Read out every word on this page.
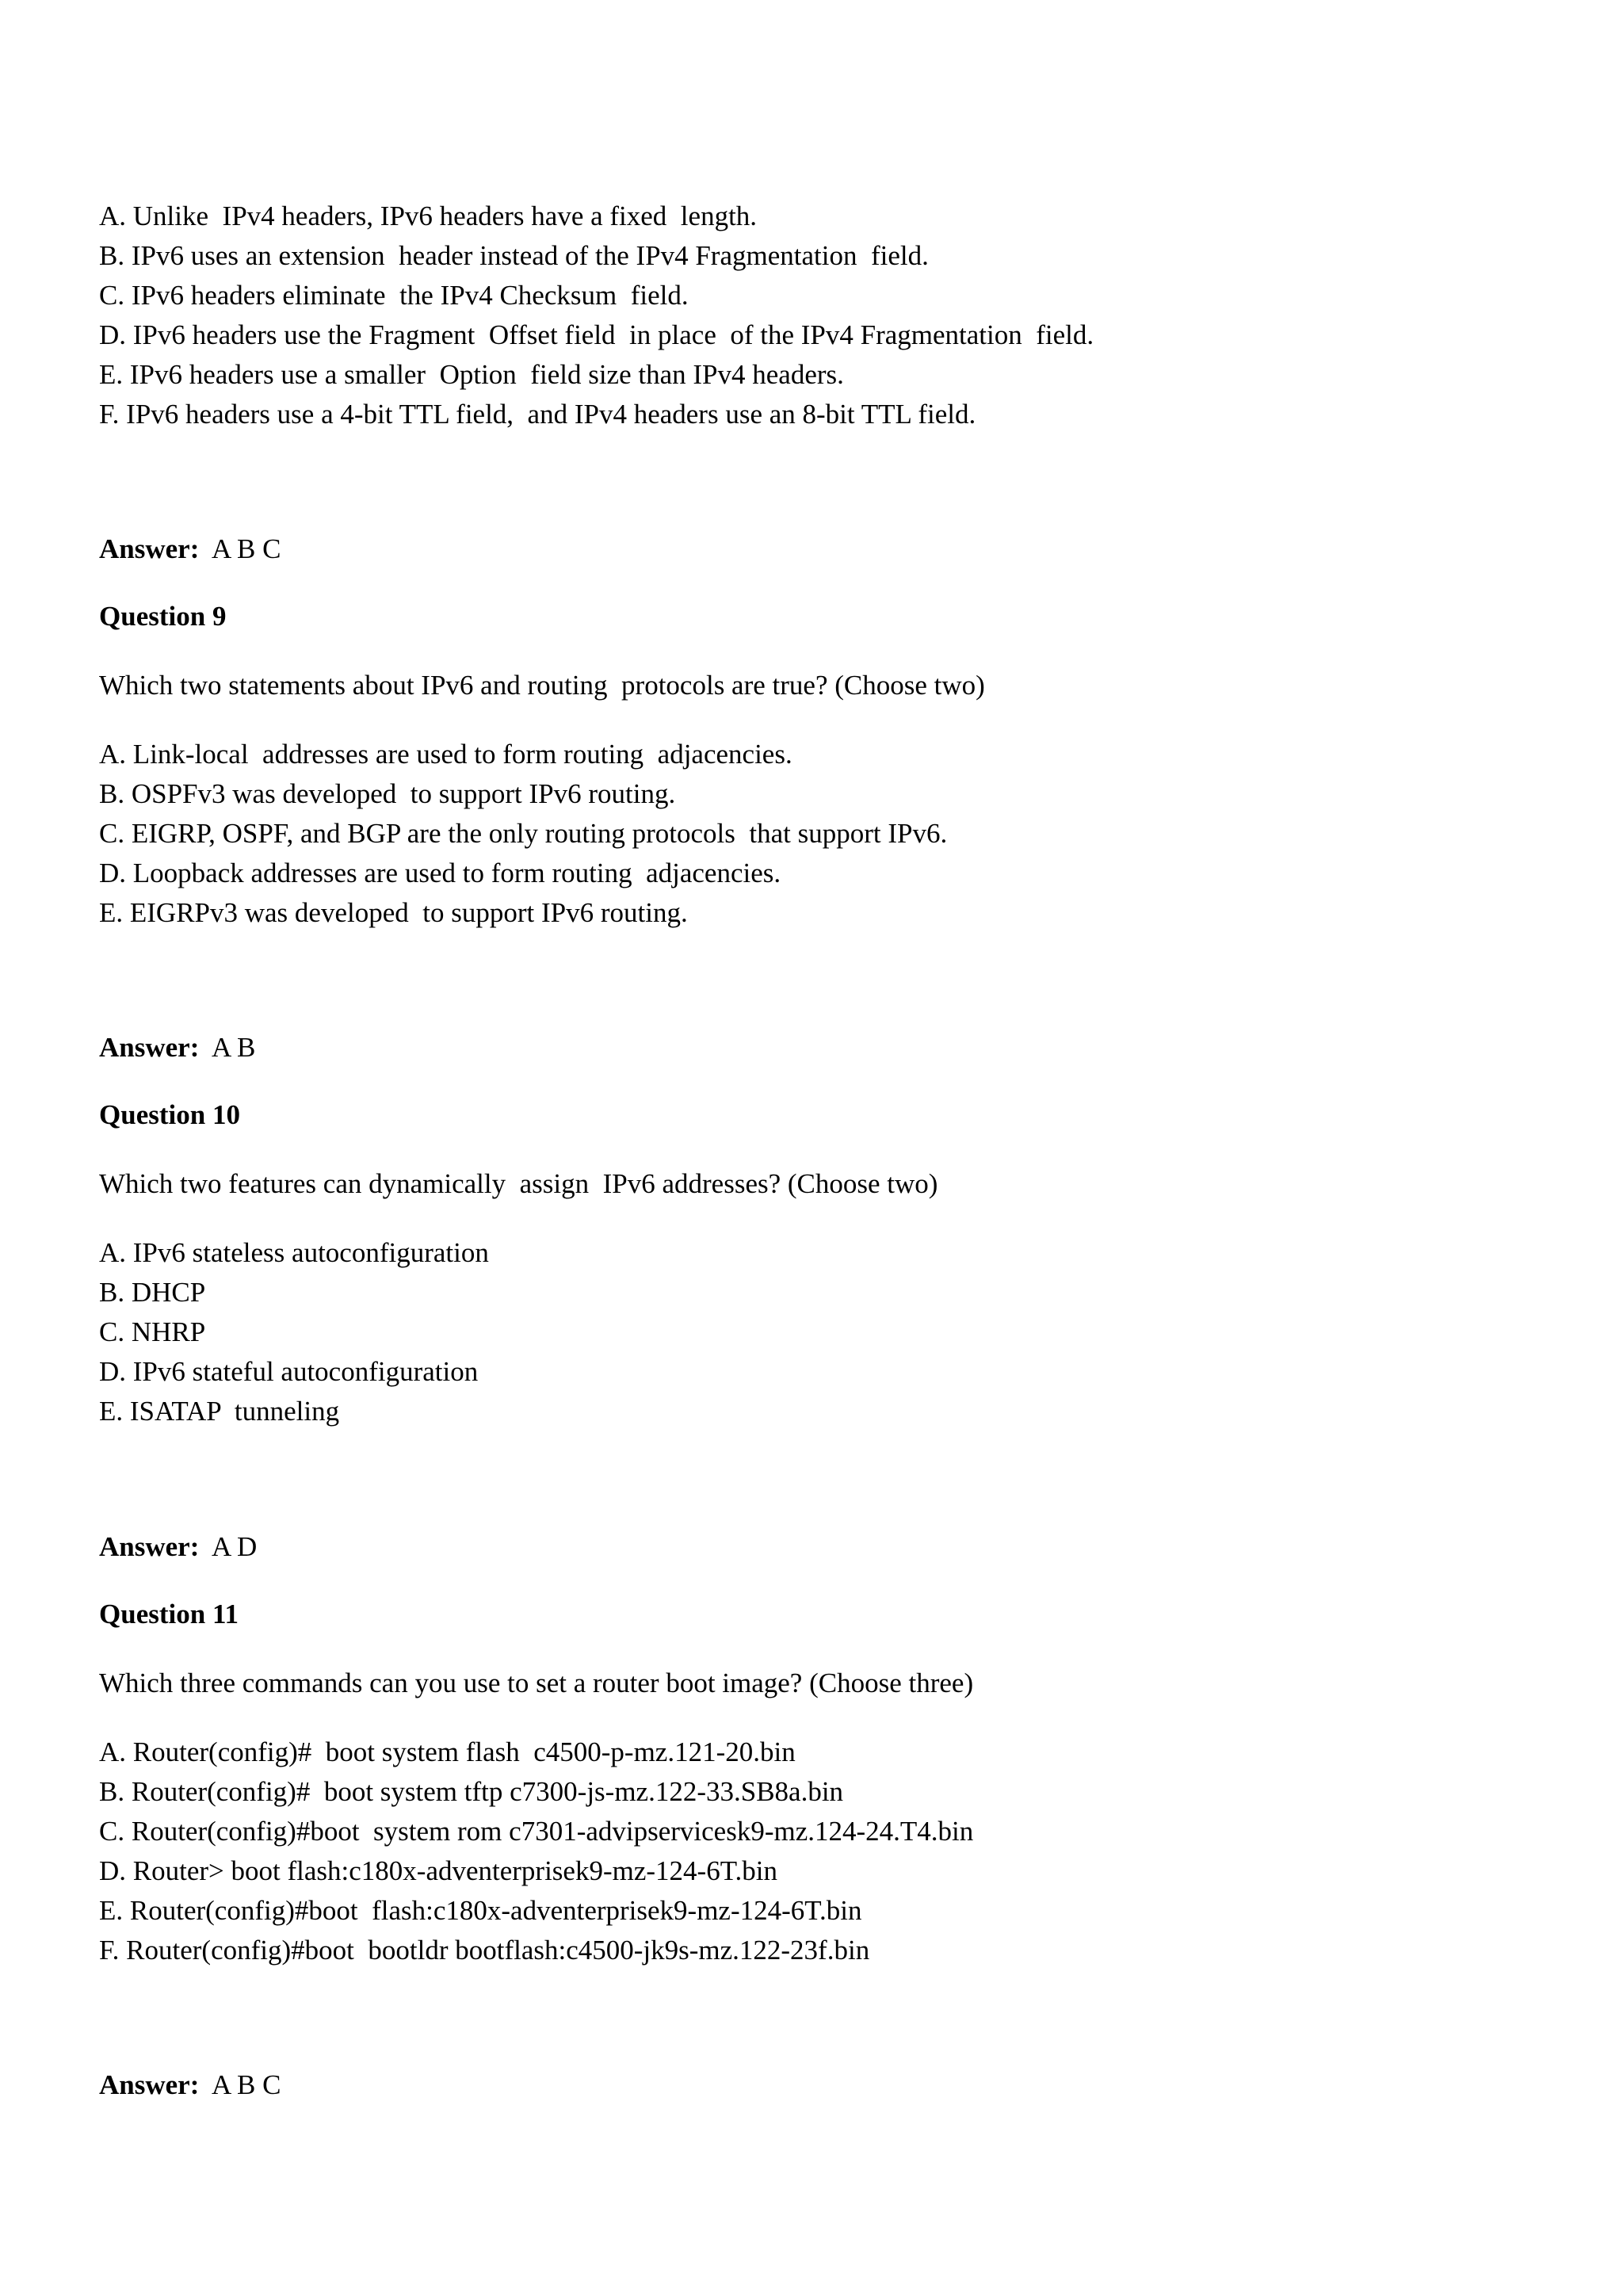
A. Unlike  IPv4 headers, IPv6 headers have a fixed  length.
B. IPv6 uses an extension  header instead of the IPv4 Fragmentation  field.
C. IPv6 headers eliminate  the IPv4 Checksum  field.
D. IPv6 headers use the Fragment  Offset field  in place  of the IPv4 Fragmentation  field.
E. IPv6 headers use a smaller  Option  field size than IPv4 headers.
F. IPv6 headers use a 4-bit TTL field,  and IPv4 headers use an 8-bit TTL field.
Answer: A B C
Question 9
Which two statements about IPv6 and routing  protocols are true? (Choose two)
A. Link-local  addresses are used to form routing  adjacencies.
B. OSPFv3 was developed  to support IPv6 routing.
C. EIGRP, OSPF, and BGP are the only routing protocols  that support IPv6.
D. Loopback addresses are used to form routing  adjacencies.
E. EIGRPv3 was developed  to support IPv6 routing.
Answer: A B
Question 10
Which two features can dynamically  assign  IPv6 addresses? (Choose two)
A. IPv6 stateless autoconfiguration
B. DHCP
C. NHRP
D. IPv6 stateful autoconfiguration
E. ISATAP  tunneling
Answer: A D
Question 11
Which three commands can you use to set a router boot image? (Choose three)
A. Router(config)#  boot system flash  c4500-p-mz.121-20.bin
B. Router(config)#  boot system tftp c7300-js-mz.122-33.SB8a.bin
C. Router(config)#boot  system rom c7301-advipservicesk9-mz.124-24.T4.bin
D. Router> boot flash:c180x-adventerprisek9-mz-124-6T.bin
E. Router(config)#boot  flash:c180x-adventerprisek9-mz-124-6T.bin
F. Router(config)#boot  bootldr bootflash:c4500-jk9s-mz.122-23f.bin
Answer: A B C
